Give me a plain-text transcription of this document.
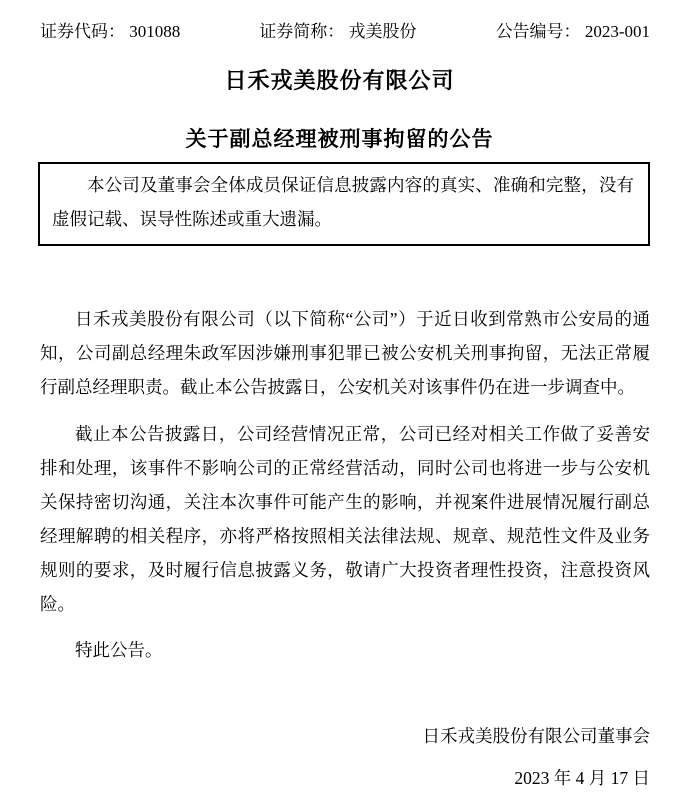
证券代码： 301088	证券简称： 戎美股份	公告编号： 2023-001
日禾戎美股份有限公司
关于副总经理被刑事拘留的公告

本公司及董事会全体成员保证信息披露内容的真实、准确和完整，没有虚假记载、误导性陈述或重大遗漏。

日禾戎美股份有限公司（以下简称“公司”）于近日收到常熟市公安局的通知，公司副总经理朱政军因涉嫌刑事犯罪已被公安机关刑事拘留，无法正常履行副总经理职责。截止本公告披露日，公安机关对该事件仍在进一步调查中。

截止本公告披露日，公司经营情况正常，公司已经对相关工作做了妥善安排和处理，该事件不影响公司的正常经营活动，同时公司也将进一步与公安机关保持密切沟通，关注本次事件可能产生的影响，并视案件进展情况履行副总经理解聘的相关程序，亦将严格按照相关法律法规、规章、规范性文件及业务规则的要求，及时履行信息披露义务，敬请广大投资者理性投资，注意投资风险。

特此公告。

日禾戎美股份有限公司董事会
2023 年 4 月 17 日
